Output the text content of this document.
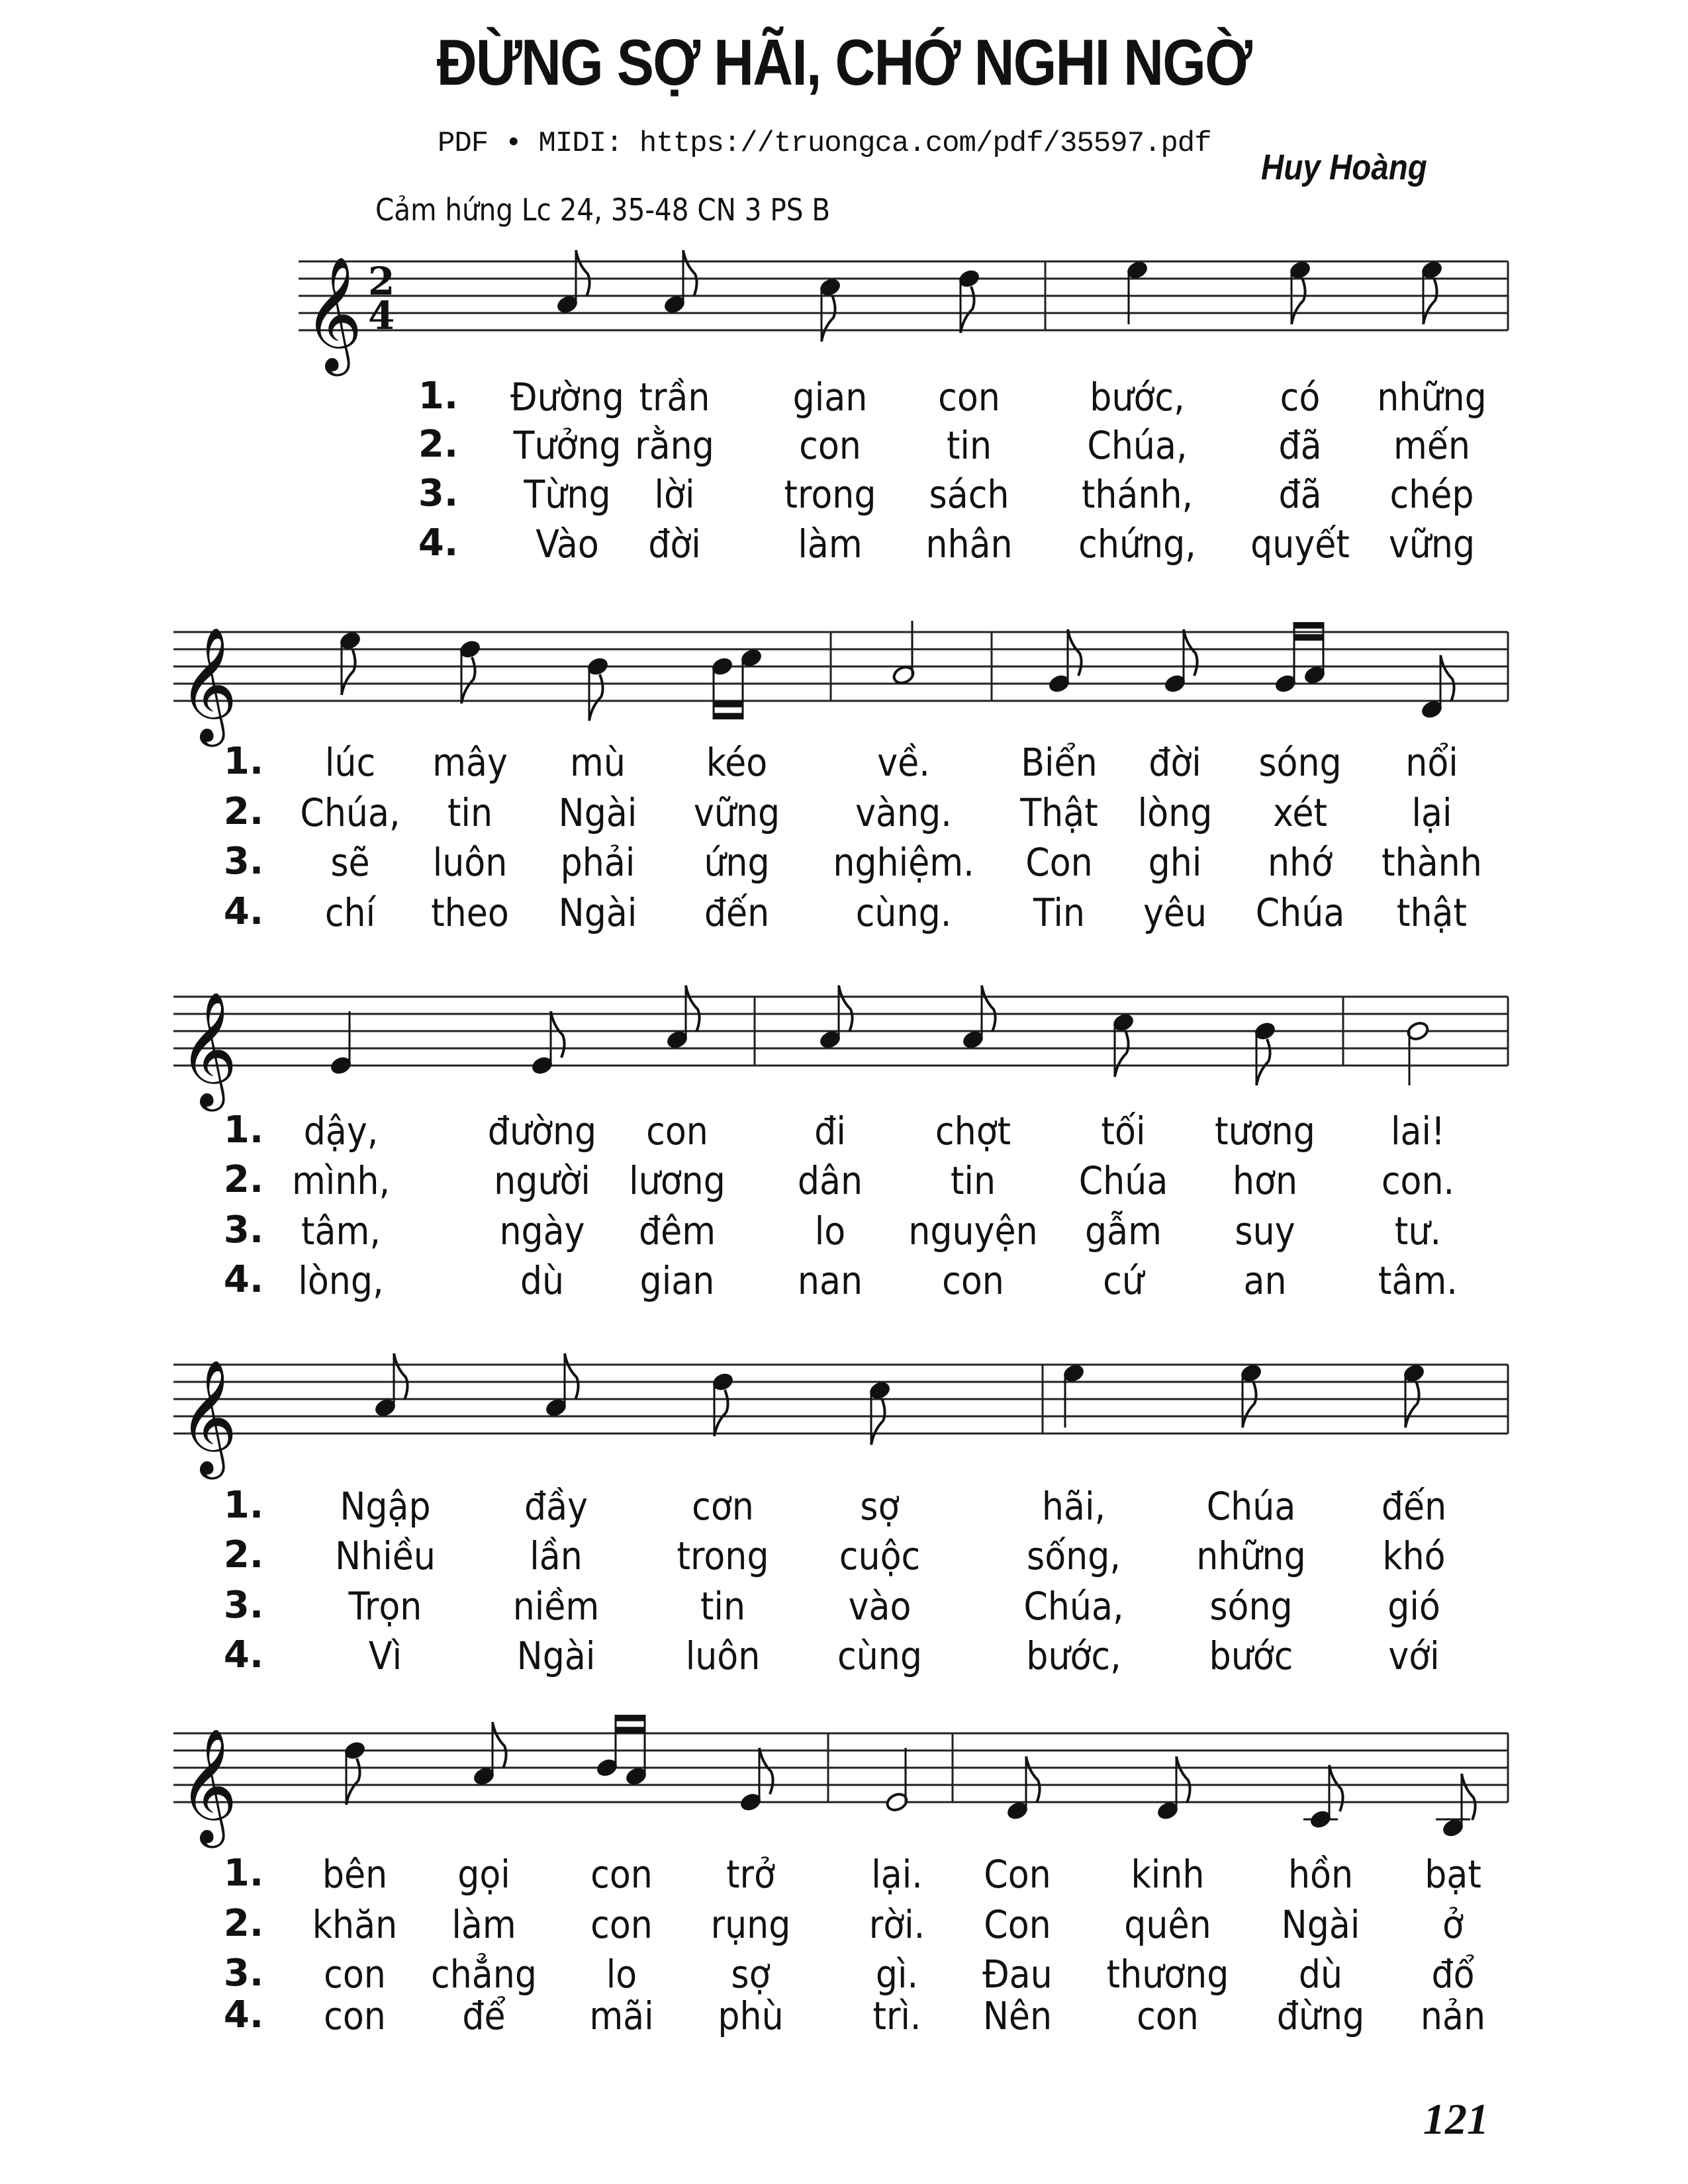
ĐỪNG SỢ HÃI, CHỚ NGHI NGỜ
PDF • MIDI: https://truongca.com/pdf/35597.pdf
Huy Hoàng
Cảm hứng Lc 24, 35-48 CN 3 PS B
𝄞 2
4
𝄞
𝄞
𝄞
𝄞
1. Đường trần gian con bước, có những
2. Tưởng rằng con tin Chúa, đã mến
3. Từng lời trong sách thánh, đã chép
4. Vào đời	làm nhân chứng, quyết vững
1. lúc mây mù kéo	về. Biển đời sóng nổi
2. Chúa, tin Ngài vững vàng. Thật lòng xét lại
3. sẽ luôn phải ứng nghiệm. Con ghi nhớ thành
4. chí theo Ngài đến cùng. Tin yêu Chúa thật
1. dậy,	đường con	đi chợt tối tương lai!
2. mình,	người lương dân tin Chúa hơn con.
3. tâm,	ngày đêm	lo nguyện gẫm suy	tư.
4. lòng,	dù gian nan con	cứ	an tâm.
1. Ngập đầy	cơn	sợ	hãi,	Chúa đến
2. Nhiều lần trong cuộc	sống, những khó
3. Trọn niềm	tin	vào	Chúa, sóng gió
4.	Vì	Ngài luôn cùng	bước, bước với
1. bên gọi con trở	lại. Con kinh hồn bạt
2. khăn làm con rụng rời. Con quên Ngài ở
3. con chẳng lo sợ	gì. Đau thương dù đổ
4. con để mãi phù trì. Nên con đừng nản
121
